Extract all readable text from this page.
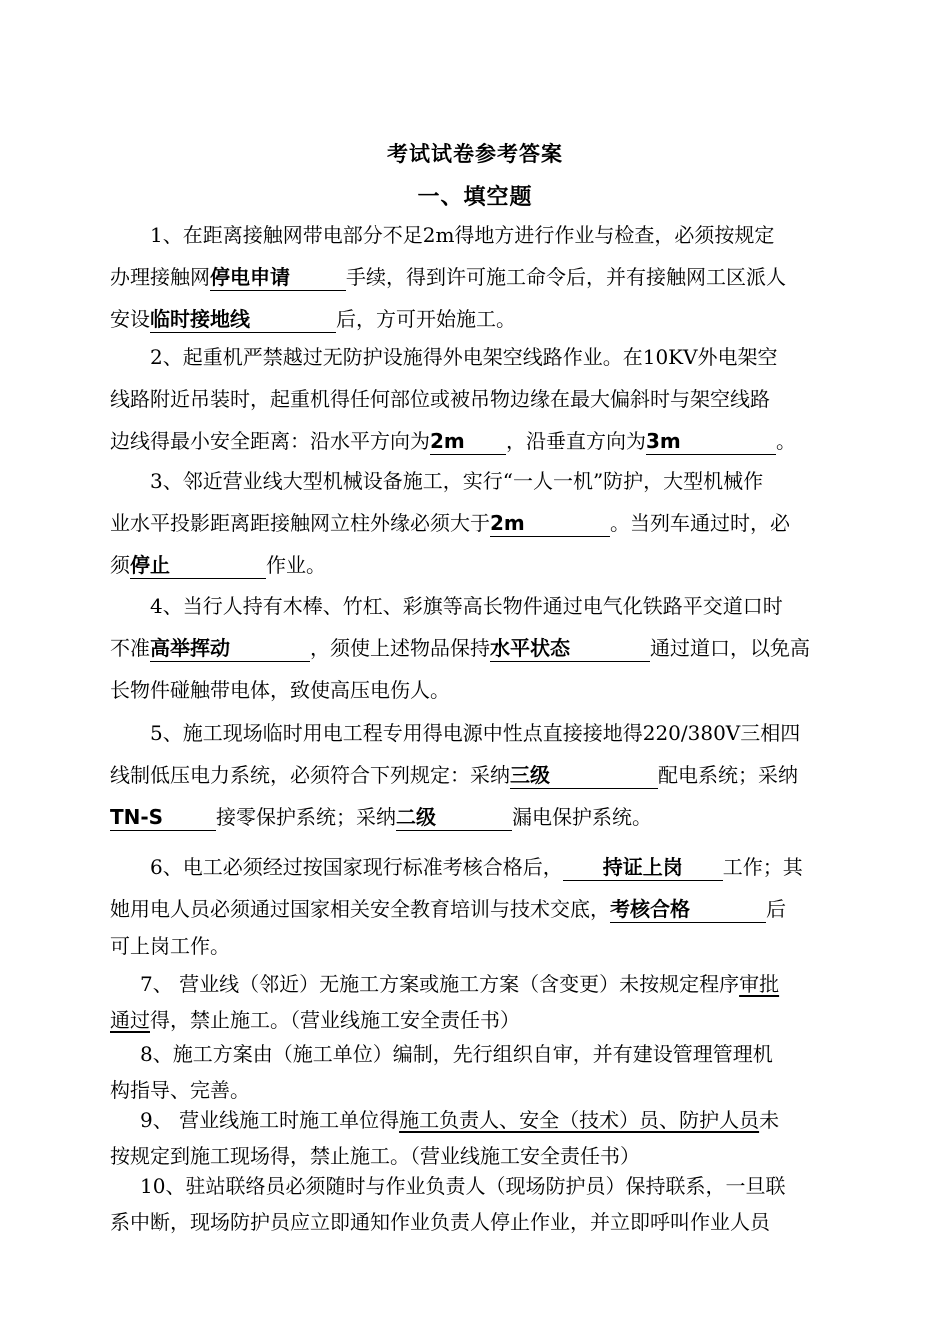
考试试卷参考答案
一、填空题
1、在距离接触网带电部分不足2m得地方进行作业与检查，必须按规定
办理接触网停电申请	手续，得到许可施工命令后，并有接触网工区派人
安设临时接地线	后，方可开始施工。
2、起重机严禁越过无防护设施得外电架空线路作业。在10KV外电架空
线路附近吊装时，起重机得任何部位或被吊物边缘在最大偏斜时与架空线路
边线得最小安全距离：沿水平方向为2m ，沿垂直方向为3m	。
3、邻近营业线大型机械设备施工，实行“一人一机”防护，大型机械作
业水平投影距离距接触网立柱外缘必须大于2m	。当列车通过时，必
须停止	作业。
4、当行人持有木棒、竹杠、彩旗等高长物件通过电气化铁路平交道口时
不准高举挥动	，须使上述物品保持水平状态	通过道口，以免高
长物件碰触带电体，致使高压电伤人。
5、施工现场临时用电工程专用得电源中性点直接接地得220/380V三相四
线制低压电力系统，必须符合下列规定：采纳三级	配电系统；采纳
TN-S	接零保护系统；采纳二级	漏电保护系统。
6、电工必须经过按国家现行标准考核合格后， 持证上岗 工作；其
她用电人员必须通过国家相关安全教育培训与技术交底，考核合格	后
可上岗工作。
7、 营业线（邻近）无施工方案或施工方案（含变更）未按规定程序审批
通过得，禁止施工。（营业线施工安全责任书）
8、施工方案由（施工单位）编制，先行组织自审，并有建设管理管理机
构指导、完善。
9、 营业线施工时施工单位得施工负责人、安全（技术）员、防护人员未
按规定到施工现场得，禁止施工。（营业线施工安全责任书）
10、驻站联络员必须随时与作业负责人（现场防护员）保持联系，一旦联
系中断，现场防护员应立即通知作业负责人停止作业，并立即呼叫作业人员
